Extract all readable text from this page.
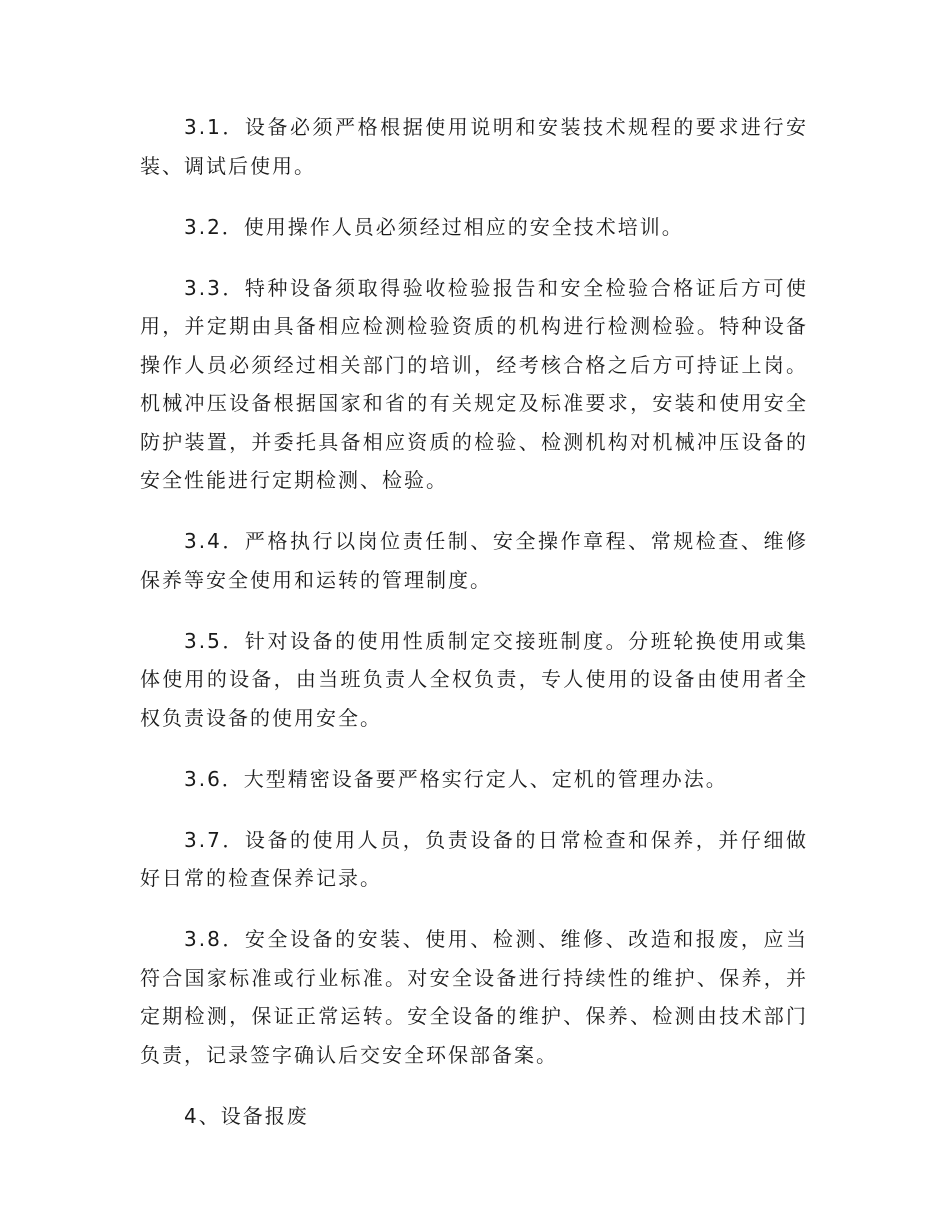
3.1．设备必须严格根据使用说明和安装技术规程的要求进行安装、调试后使用。

3.2．使用操作人员必须经过相应的安全技术培训。

3.3．特种设备须取得验收检验报告和安全检验合格证后方可使用，并定期由具备相应检测检验资质的机构进行检测检验。特种设备操作人员必须经过相关部门的培训，经考核合格之后方可持证上岗。机械冲压设备根据国家和省的有关规定及标准要求，安装和使用安全防护装置，并委托具备相应资质的检验、检测机构对机械冲压设备的安全性能进行定期检测、检验。

3.4．严格执行以岗位责任制、安全操作章程、常规检查、维修保养等安全使用和运转的管理制度。

3.5．针对设备的使用性质制定交接班制度。分班轮换使用或集体使用的设备，由当班负责人全权负责，专人使用的设备由使用者全权负责设备的使用安全。

3.6．大型精密设备要严格实行定人、定机的管理办法。

3.7．设备的使用人员，负责设备的日常检查和保养，并仔细做好日常的检查保养记录。

3.8．安全设备的安装、使用、检测、维修、改造和报废，应当符合国家标准或行业标准。对安全设备进行持续性的维护、保养，并定期检测，保证正常运转。安全设备的维护、保养、检测由技术部门负责，记录签字确认后交安全环保部备案。

4、设备报废
